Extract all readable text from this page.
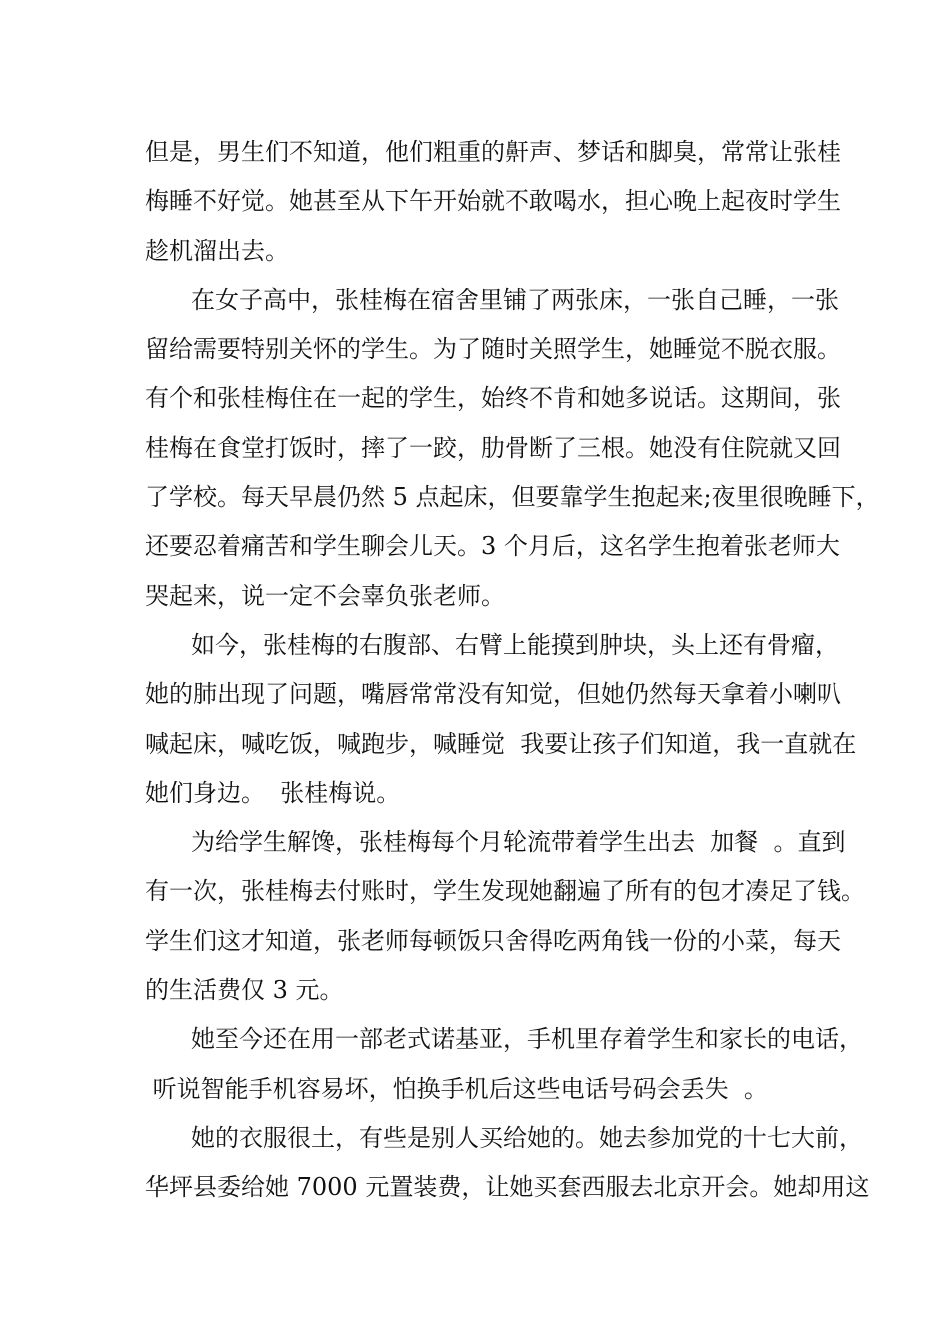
但是，男生们不知道，他们粗重的鼾声、梦话和脚臭，常常让张桂
梅睡不好觉。她甚至从下午开始就不敢喝水，担心晚上起夜时学生
趁机溜出去。
在女子高中，张桂梅在宿舍里铺了两张床，一张自己睡，一张
留给需要特别关怀的学生。为了随时关照学生，她睡觉不脱衣服。
有个和张桂梅住在一起的学生，始终不肯和她多说话。这期间，张
桂梅在食堂打饭时，摔了一跤，肋骨断了三根。她没有住院就又回
了学校。每天早晨仍然 5 点起床，但要靠学生抱起来;夜里很晚睡下，
还要忍着痛苦和学生聊会儿天。3 个月后，这名学生抱着张老师大
哭起来，说一定不会辜负张老师。
如今，张桂梅的右腹部、右臂上能摸到肿块，头上还有骨瘤，
她的肺出现了问题，嘴唇常常没有知觉，但她仍然每天拿着小喇叭
喊起床，喊吃饭，喊跑步，喊睡觉  我要让孩子们知道，我一直就在
她们身边。  张桂梅说。
为给学生解馋，张桂梅每个月轮流带着学生出去  加餐  。直到
有一次，张桂梅去付账时，学生发现她翻遍了所有的包才凑足了钱。
学生们这才知道，张老师每顿饭只舍得吃两角钱一份的小菜，每天
的生活费仅 3 元。
她至今还在用一部老式诺基亚，手机里存着学生和家长的电话，
听说智能手机容易坏，怕换手机后这些电话号码会丢失  。
她的衣服很土，有些是别人买给她的。她去参加党的十七大前，
华坪县委给她 7000 元置装费，让她买套西服去北京开会。她却用这
